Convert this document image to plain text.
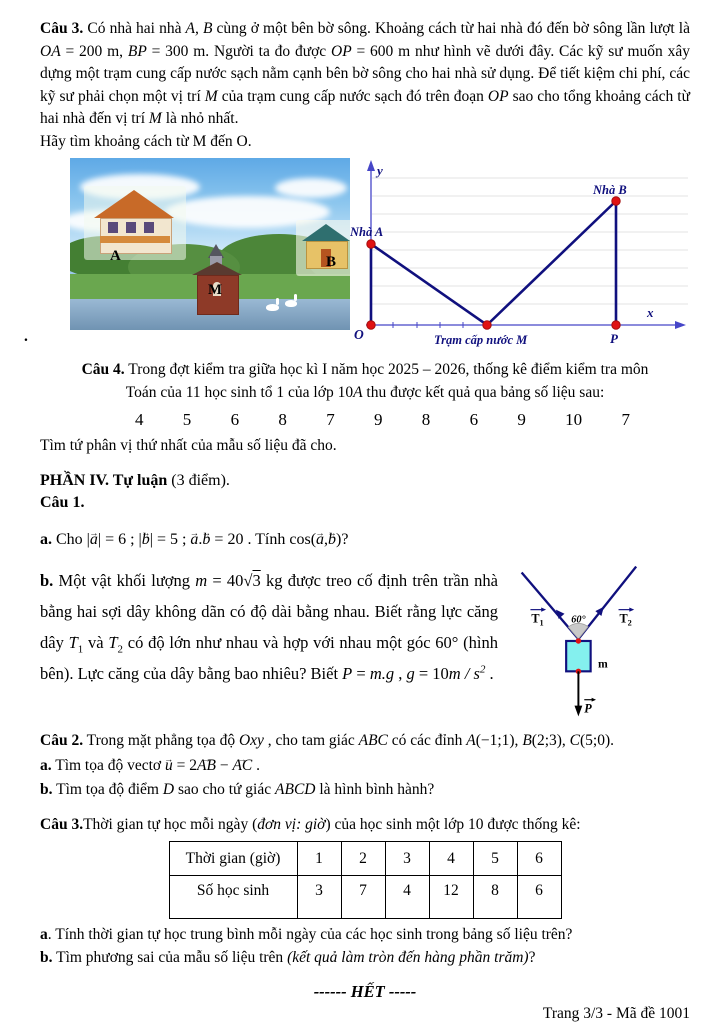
Câu 3. Có nhà hai nhà A, B cùng ở một bên bờ sông. Khoảng cách từ hai nhà đó đến bờ sông lần lượt là OA = 200 m, BP = 300 m. Người ta đo được OP = 600 m như hình vẽ dưới đây. Các kỹ sư muốn xây dựng một trạm cung cấp nước sạch nằm cạnh bên bờ sông cho hai nhà sử dụng. Để tiết kiệm chi phí, các kỹ sư phải chọn một vị trí M của trạm cung cấp nước sạch đó trên đoạn OP sao cho tổng khoảng cách từ hai nhà đến vị trí M là nhỏ nhất.
Hãy tìm khoảng cách từ M đến O.
A	B
M
y
x
Nhà A
Nhà B
O	Trạm cấp nước M	P
.
Câu 4. Trong đợt kiểm tra giữa học kì I năm học 2025 – 2026, thống kê điểm kiểm tra môn
Toán của 11 học sinh tổ 1 của lớp 10A thu được kết quả qua bảng số liệu sau:
4 5 6 8 7 9 8 6 9 10 7
Tìm tứ phân vị thứ nhất của mẫu số liệu đã cho.
PHẦN IV. Tự luận (3 điểm).
Câu 1.
a. Cho |a →| = 6 ; |b →| = 5 ; a →.b → = 20 . Tính cos(a →,b →)?
b. Một vật khối lượng m = 40√3 kg được treo cố định trên trần nhà bằng hai sợi dây không dãn có độ dài bằng nhau. Biết rằng lực căng dây $T \to_1$ và $T \to_2$ có độ lớn như nhau và hợp với nhau một góc 60° (hình bên). Lực căng của dây bằng bao nhiêu? Biết P = m.g , $g = 10m / s^2$ .
60°
$T_1$	$T_2$
m
P
Câu 2. Trong mặt phẳng tọa độ Oxy , cho tam giác ABC có các đỉnh A(−1;1), B(2;3), C(5;0).
a. Tìm tọa độ vectơ u → = 2AB → − AC → .
b. Tìm tọa độ điểm D sao cho tứ giác ABCD là hình bình hành?
Câu 3.Thời gian tự học mỗi ngày (đơn vị: giờ) của học sinh một lớp 10 được thống kê:
Thời gian (giờ)	1	2	3	4	5	6
Số học sinh	3	7	4	12	8	6
a. Tính thời gian tự học trung bình mỗi ngày của các học sinh trong bảng số liệu trên?
b. Tìm phương sai của mẫu số liệu trên (kết quả làm tròn đến hàng phần trăm)?
------ HẾT -----
Trang 3/3 - Mã đề 1001
